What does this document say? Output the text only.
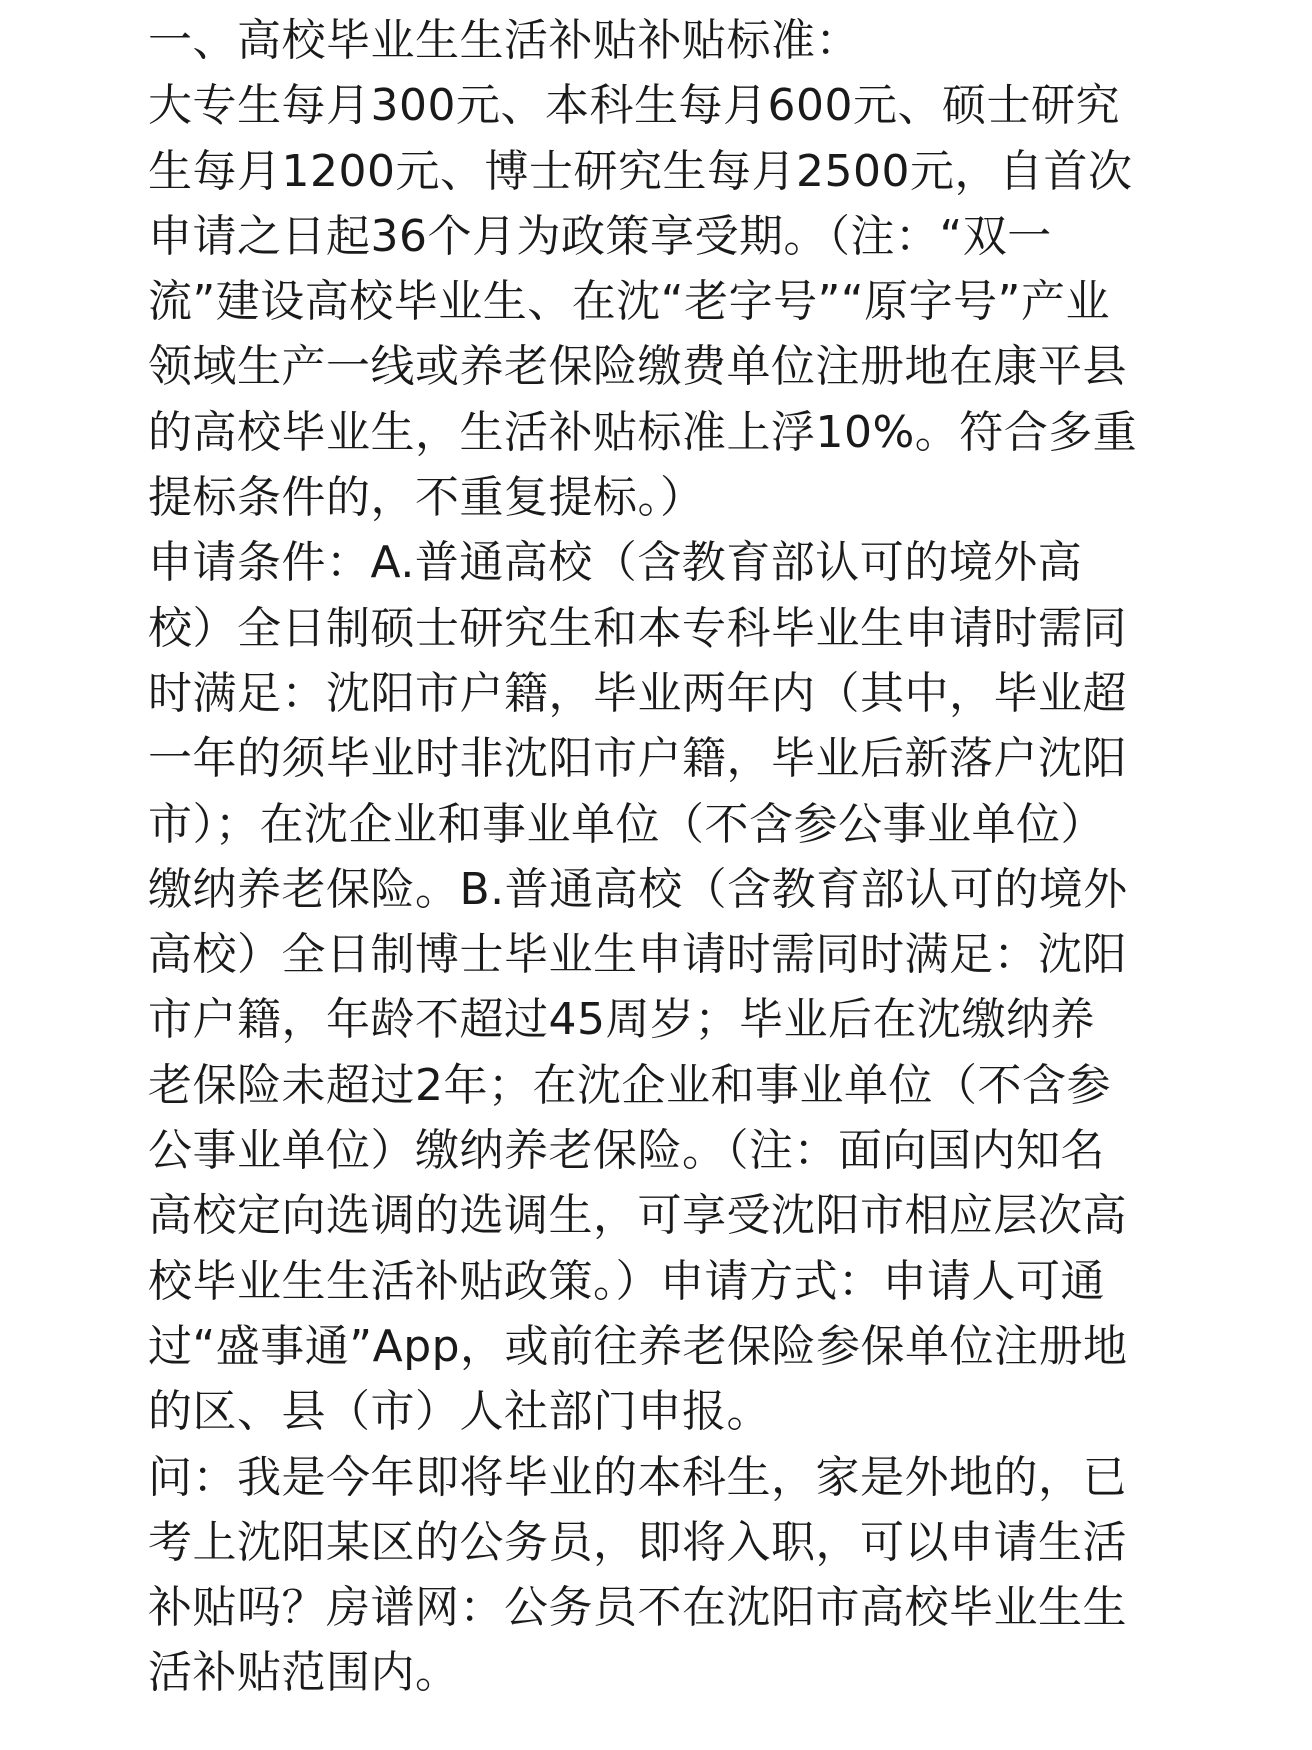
一、高校毕业生生活补贴补贴标准：
大专生每月300元、本科生每月600元、硕士研究
生每月1200元、博士研究生每月2500元，自首次
申请之日起36个月为政策享受期。（注：“双一
流”建设高校毕业生、在沈“老字号”“原字号”产业
领域生产一线或养老保险缴费单位注册地在康平县
的高校毕业生，生活补贴标准上浮10%。符合多重
提标条件的，不重复提标。）
申请条件：A.普通高校（含教育部认可的境外高
校）全日制硕士研究生和本专科毕业生申请时需同
时满足：沈阳市户籍，毕业两年内（其中，毕业超
一年的须毕业时非沈阳市户籍，毕业后新落户沈阳
市）；在沈企业和事业单位（不含参公事业单位）
缴纳养老保险。B.普通高校（含教育部认可的境外
高校）全日制博士毕业生申请时需同时满足：沈阳
市户籍，年龄不超过45周岁；毕业后在沈缴纳养
老保险未超过2年；在沈企业和事业单位（不含参
公事业单位）缴纳养老保险。（注：面向国内知名
高校定向选调的选调生，可享受沈阳市相应层次高
校毕业生生活补贴政策。）申请方式：申请人可通
过“盛事通”App，或前往养老保险参保单位注册地
的区、县（市）人社部门申报。
问：我是今年即将毕业的本科生，家是外地的，已
考上沈阳某区的公务员，即将入职，可以申请生活
补贴吗？房谱网：公务员不在沈阳市高校毕业生生
活补贴范围内。
